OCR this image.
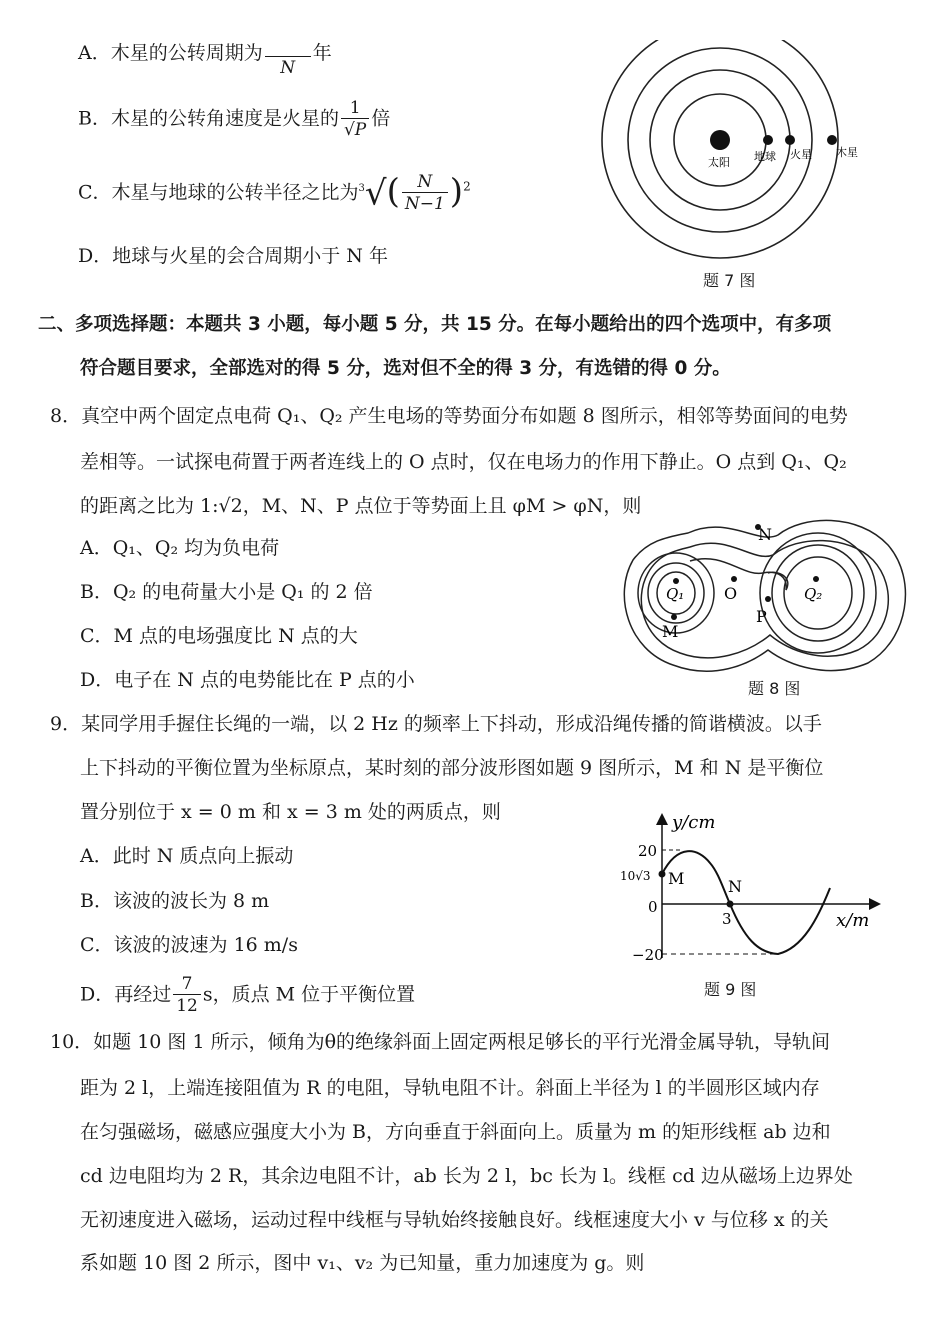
A．木星的公转周期为
N
年
B．木星的公转角速度是火星的 $\frac{1}{√P}$ 倍
C．木星与地球的公转半径之比为$^3√( \frac{N}{N-1} )^2$
D．地球与火星的会合周期小于 N 年
太阳 地球 火星 木星
题 7 图
二、多项选择题：本题共 3 小题，每小题 5 分，共 15 分。在每小题给出的四个选项中，有多项
符合题目要求，全部选对的得 5 分，选对但不全的得 3 分，有选错的得 0 分。
8．真空中两个固定点电荷 Q₁、Q₂ 产生电场的等势面分布如题 8 图所示，相邻等势面间的电势
差相等。一试探电荷置于两者连线上的 O 点时，仅在电场力的作用下静止。O 点到 Q₁、Q₂
的距离之比为 1:√2，M、N、P 点位于等势面上且 φM > φN，则
A．Q₁、Q₂ 均为负电荷
B．Q₂ 的电荷量大小是 Q₁ 的 2 倍
C．M 点的电场强度比 N 点的大
D．电子在 N 点的电势能比在 P 点的小
Q₁ O	Q₂
M
N
P
题 8 图
9．某同学用手握住长绳的一端，以 2 Hz 的频率上下抖动，形成沿绳传播的简谐横波。以手
上下抖动的平衡位置为坐标原点，某时刻的部分波形图如题 9 图所示，M 和 N 是平衡位
置分别位于 x = 0 m 和 x = 3 m 处的两质点，则
A．此时 N 质点向上振动
B．该波的波长为 8 m
C．该波的波速为 16 m/s
D．再经过 $\frac{7}{12}$ s，质点 M 位于平衡位置
y/cm
x/m
20
10√3
0
−20
3
M	N
题 9 图
10．如题 10 图 1 所示，倾角为θ的绝缘斜面上固定两根足够长的平行光滑金属导轨，导轨间
距为 2 l，上端连接阻值为 R 的电阻，导轨电阻不计。斜面上半径为 l 的半圆形区域内存
在匀强磁场，磁感应强度大小为 B，方向垂直于斜面向上。质量为 m 的矩形线框 ab 边和
cd 边电阻均为 2 R，其余边电阻不计，ab 长为 2 l，bc 长为 l。线框 cd 边从磁场上边界处
无初速度进入磁场，运动过程中线框与导轨始终接触良好。线框速度大小 v 与位移 x 的关
系如题 10 图 2 所示，图中 v₁、v₂ 为已知量，重力加速度为 g。则
